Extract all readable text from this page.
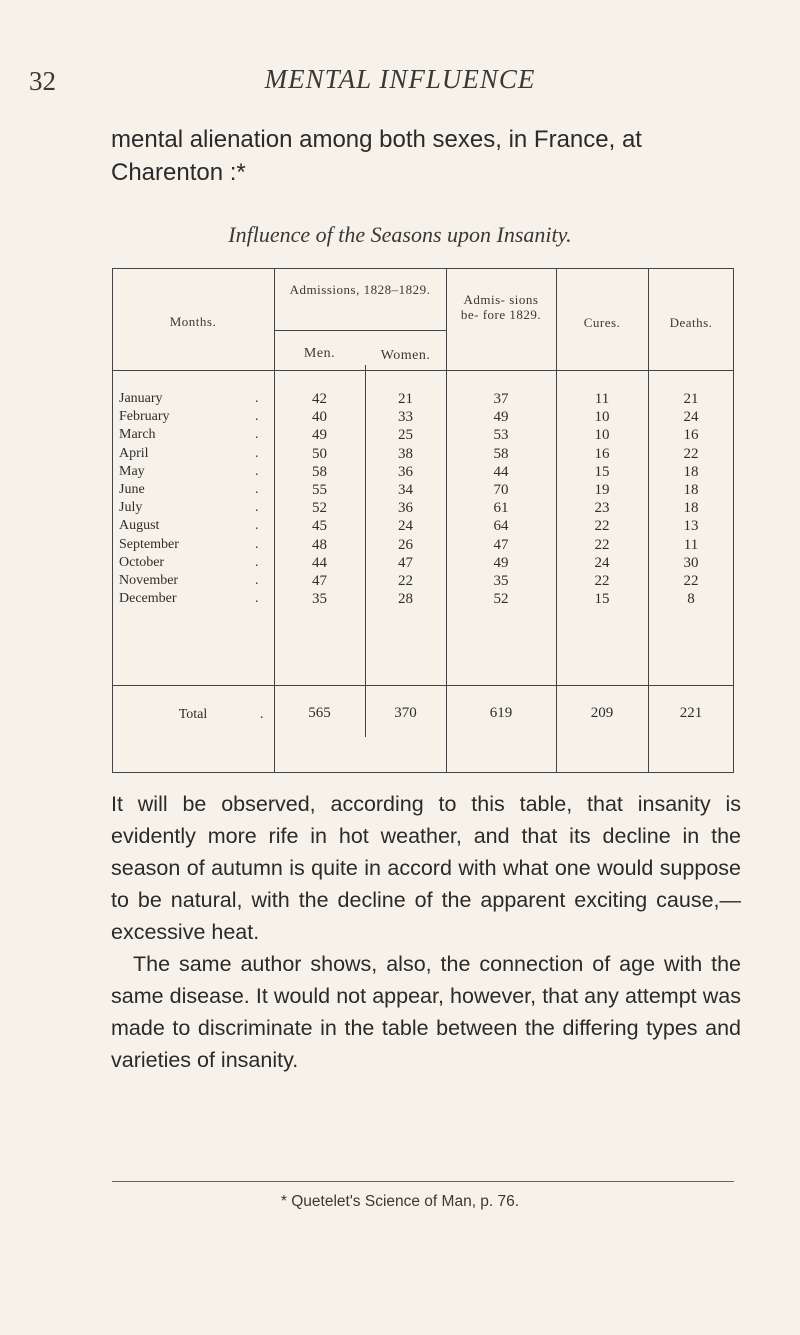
32	MENTAL INFLUENCE
mental alienation among both sexes, in France, at Charenton :*
Influence of the Seasons upon Insanity.
Months.
Admissions, 1828–1829.
Men.	Women.
Admis- sions be- fore 1829.
Cures.	Deaths.
January	.	42	21	37	11	21
February	.	40	33	49	10	24
March	.	49	25	53	10	16
April	.	50	38	58	16	22
May	.	58	36	44	15	18
June	.	55	34	70	19	18
July	.	52	36	61	23	18
August	.	45	24	64	22	13
September	.	48	26	47	22	11
October	.	44	47	49	24	30
November	.	47	22	35	22	22
December	.	35	28	52	15	8
Total	.	565	370	619	209	221

It will be observed, according to this table, that insanity is evidently more rife in hot weather, and that its decline in the season of autumn is quite in accord with what one would suppose to be natural, with the decline of the apparent exciting cause,—excessive heat.

The same author shows, also, the connection of age with the same disease. It would not appear, however, that any attempt was made to discriminate in the table between the differing types and varieties of insanity.

* Quetelet's Science of Man, p. 76.
